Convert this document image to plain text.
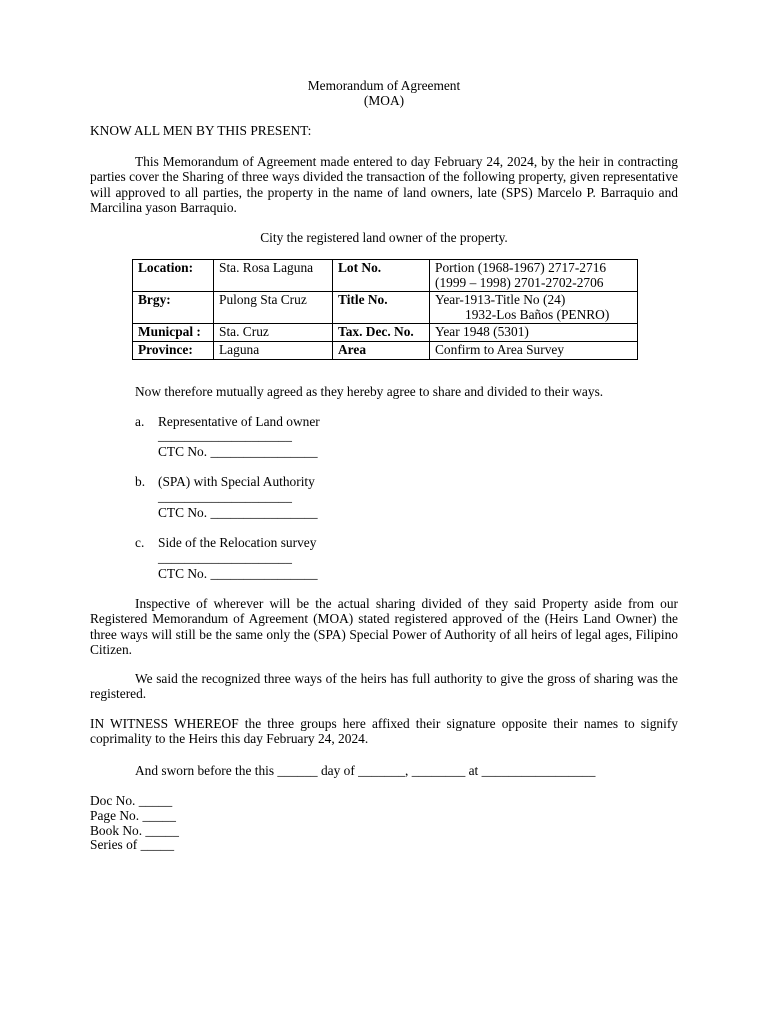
Memorandum of Agreement
(MOA)
KNOW ALL MEN BY THIS PRESENT:
This Memorandum of Agreement made entered to day February 24, 2024, by the heir in contracting parties cover the Sharing of three ways divided the transaction of the following property, given representative will approved to all parties, the property in the name of land owners, late (SPS) Marcelo P. Barraquio and Marcilina yason Barraquio.
City the registered land owner of the property.
Location:	Sta. Rosa Laguna	Lot No.	Portion (1968-1967) 2717-2716
(1999 – 1998) 2701-2702-2706

Brgy:	Pulong Sta Cruz	Title No.	Year-1913-Title No (24)
1932-Los Baños (PENRO)

Municpal :	Sta. Cruz	Tax. Dec. No.	Year 1948 (5301)
Province:	Laguna	Area	Confirm to Area Survey
Now therefore mutually agreed as they hereby agree to share and divided to their ways.
a. Representative of Land owner
____________________
CTC No. ________________
b. (SPA) with Special Authority
____________________
CTC No. ________________
c. Side of the Relocation survey
____________________
CTC No. ________________
Inspective of wherever will be the actual sharing divided of they said Property aside from our Registered Memorandum of Agreement (MOA) stated registered approved of the (Heirs Land Owner) the three ways will still be the same only the (SPA) Special Power of Authority of all heirs of legal ages, Filipino Citizen.
We said the recognized three ways of the heirs has full authority to give the gross of sharing was the registered.
IN WITNESS WHEREOF the three groups here affixed their signature opposite their names to signify coprimality to the Heirs this day February 24, 2024.
And sworn before the this ______ day of _______, ________ at _________________
Doc No. _____
Page No. _____
Book No. _____
Series of _____
